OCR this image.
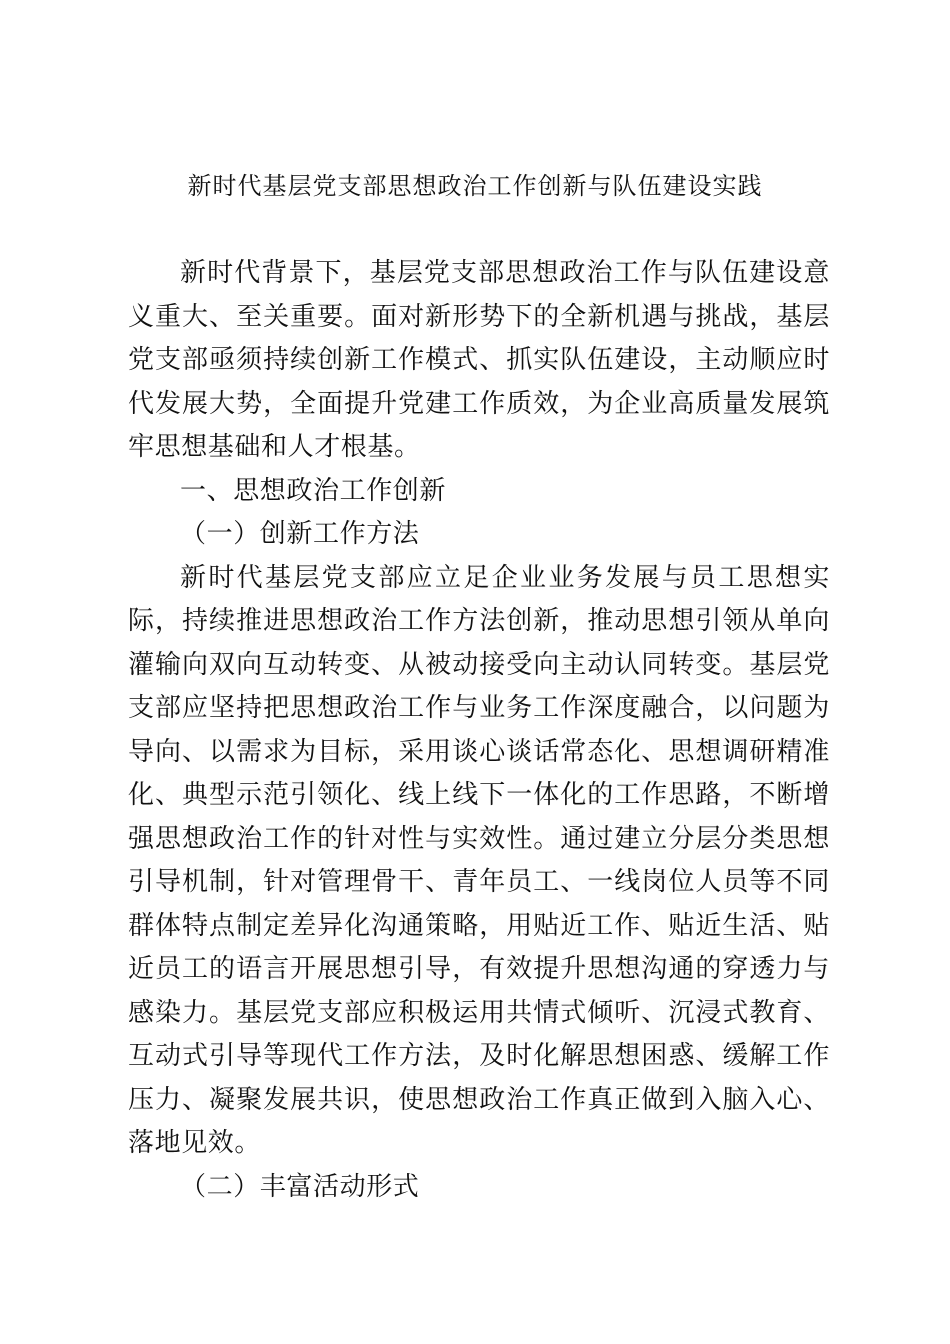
新时代基层党支部思想政治工作创新与队伍建设实践

新时代背景下，基层党支部思想政治工作与队伍建设意义重大、至关重要。面对新形势下的全新机遇与挑战，基层党支部亟须持续创新工作模式、抓实队伍建设，主动顺应时代发展大势，全面提升党建工作质效，为企业高质量发展筑牢思想基础和人才根基。

一、思想政治工作创新

（一）创新工作方法

新时代基层党支部应立足企业业务发展与员工思想实际，持续推进思想政治工作方法创新，推动思想引领从单向灌输向双向互动转变、从被动接受向主动认同转变。基层党支部应坚持把思想政治工作与业务工作深度融合，以问题为导向、以需求为目标，采用谈心谈话常态化、思想调研精准化、典型示范引领化、线上线下一体化的工作思路，不断增强思想政治工作的针对性与实效性。通过建立分层分类思想引导机制，针对管理骨干、青年员工、一线岗位人员等不同群体特点制定差异化沟通策略，用贴近工作、贴近生活、贴近员工的语言开展思想引导，有效提升思想沟通的穿透力与感染力。基层党支部应积极运用共情式倾听、沉浸式教育、互动式引导等现代工作方法，及时化解思想困惑、缓解工作压力、凝聚发展共识，使思想政治工作真正做到入脑入心、落地见效。

（二）丰富活动形式
